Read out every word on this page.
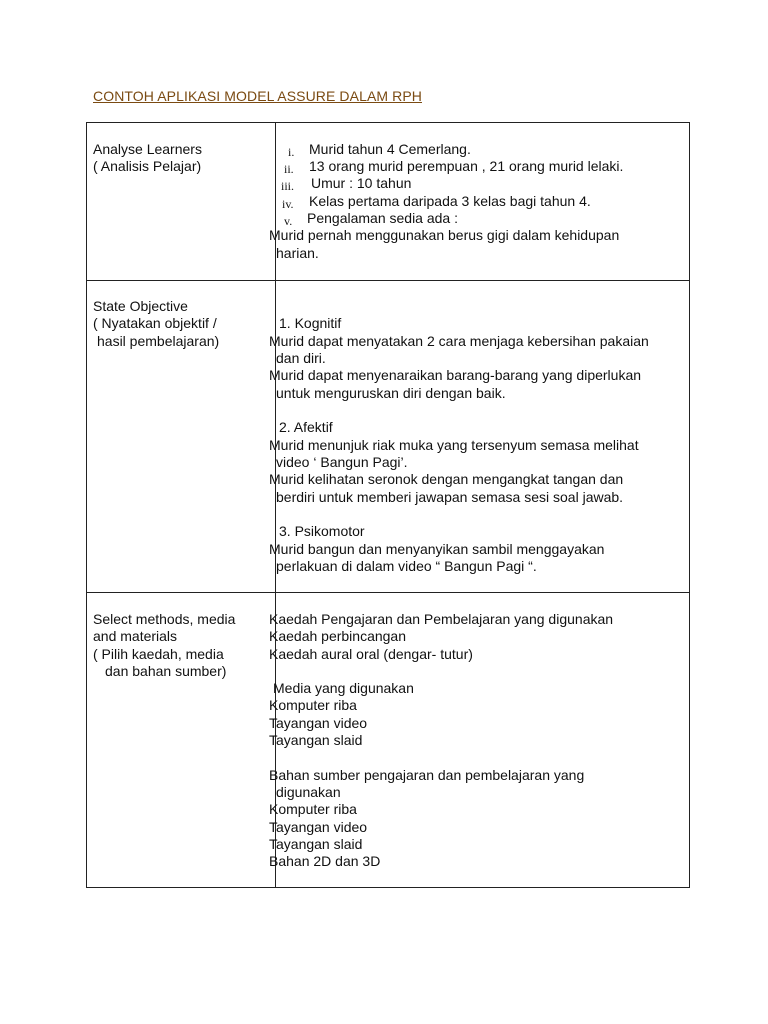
CONTOH APLIKASI MODEL ASSURE DALAM RPH
Analyse Learners
( Analisis Pelajar)
i. Murid tahun 4 Cemerlang.
ii. 13 orang murid perempuan , 21 orang murid lelaki.
iii. Umur : 10 tahun
iv. Kelas pertama daripada 3 kelas bagi tahun 4.
v. Pengalaman sedia ada :
Murid pernah menggunakan berus gigi dalam kehidupan
harian.
State Objective
( Nyatakan objektif /
hasil pembelajaran)
1. Kognitif
Murid dapat menyatakan 2 cara menjaga kebersihan pakaian
dan diri.
Murid dapat menyenaraikan barang-barang yang diperlukan
untuk menguruskan diri dengan baik.
2. Afektif
Murid menunjuk riak muka yang tersenyum semasa melihat
video ‘ Bangun Pagi’.
Murid kelihatan seronok dengan mengangkat tangan dan
berdiri untuk memberi jawapan semasa sesi soal jawab.
3. Psikomotor
Murid bangun dan menyanyikan sambil menggayakan
perlakuan di dalam video “ Bangun Pagi “.
Select methods, media
and materials
( Pilih kaedah, media
dan bahan sumber)
Kaedah Pengajaran dan Pembelajaran yang digunakan
Kaedah perbincangan
Kaedah aural oral (dengar- tutur)
Media yang digunakan
Komputer riba
Tayangan video
Tayangan slaid
Bahan sumber pengajaran dan pembelajaran yang
digunakan
Komputer riba
Tayangan video
Tayangan slaid
Bahan 2D dan 3D
